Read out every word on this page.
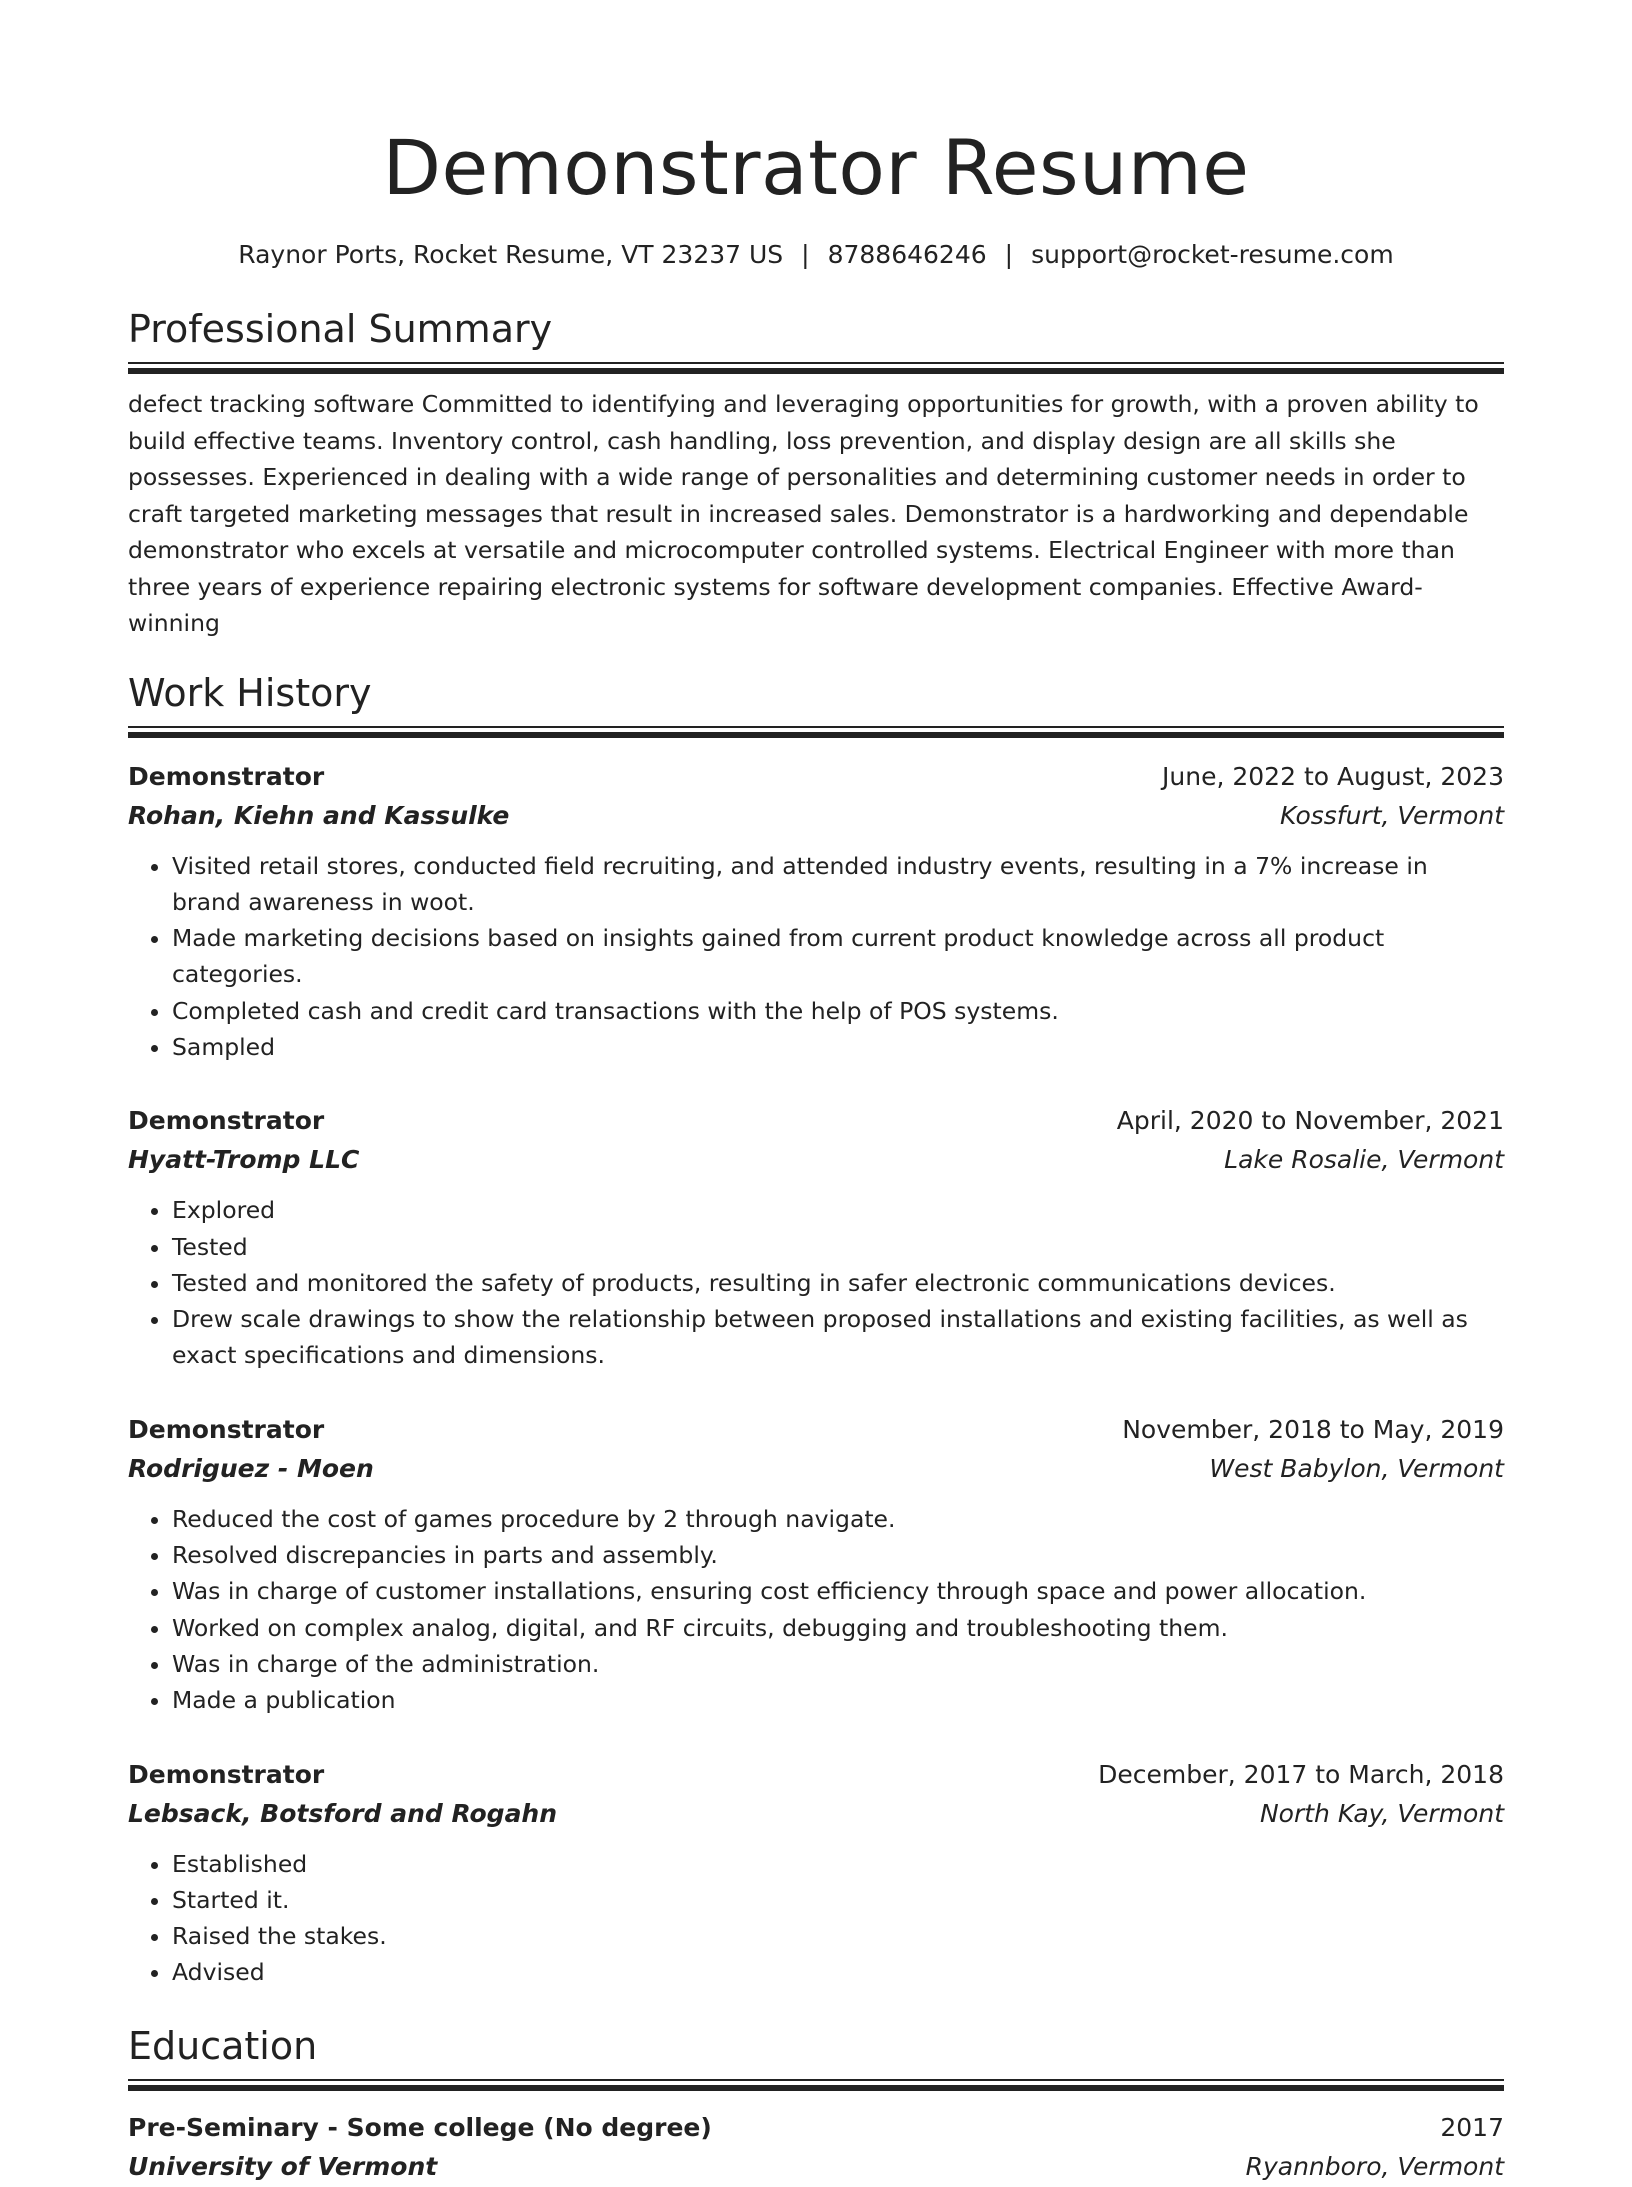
Demonstrator Resume
Raynor Ports, Rocket Resume, VT 23237 US | 8788646246 | support@rocket-resume.com
Professional Summary

defect tracking software Committed to identifying and leveraging opportunities for growth, with a proven ability to build effective teams. Inventory control, cash handling, loss prevention, and display design are all skills she possesses. Experienced in dealing with a wide range of personalities and determining customer needs in order to craft targeted marketing messages that result in increased sales. Demonstrator is a hardworking and dependable demonstrator who excels at versatile and microcomputer controlled systems. Electrical Engineer with more than three years of experience repairing electronic systems for software development companies. Effective Award-winning

Work History
Demonstrator	June, 2022 to August, 2023
Rohan, Kiehn and Kassulke	Kossfurt, Vermont
• Visited retail stores, conducted field recruiting, and attended industry events, resulting in a 7% increase in brand awareness in woot.
• Made marketing decisions based on insights gained from current product knowledge across all product categories.
• Completed cash and credit card transactions with the help of POS systems.
• Sampled
Demonstrator	April, 2020 to November, 2021
Hyatt-Tromp LLC	Lake Rosalie, Vermont
• Explored
• Tested
• Tested and monitored the safety of products, resulting in safer electronic communications devices.
• Drew scale drawings to show the relationship between proposed installations and existing facilities, as well as exact specifications and dimensions.
Demonstrator	November, 2018 to May, 2019
Rodriguez - Moen	West Babylon, Vermont
• Reduced the cost of games procedure by 2 through navigate.
• Resolved discrepancies in parts and assembly.
• Was in charge of customer installations, ensuring cost efficiency through space and power allocation.
• Worked on complex analog, digital, and RF circuits, debugging and troubleshooting them.
• Was in charge of the administration.
• Made a publication
Demonstrator	December, 2017 to March, 2018
Lebsack, Botsford and Rogahn	North Kay, Vermont
• Established
• Started it.
• Raised the stakes.
• Advised
Education
Pre-Seminary - Some college (No degree)	2017
University of Vermont	Ryannboro, Vermont
